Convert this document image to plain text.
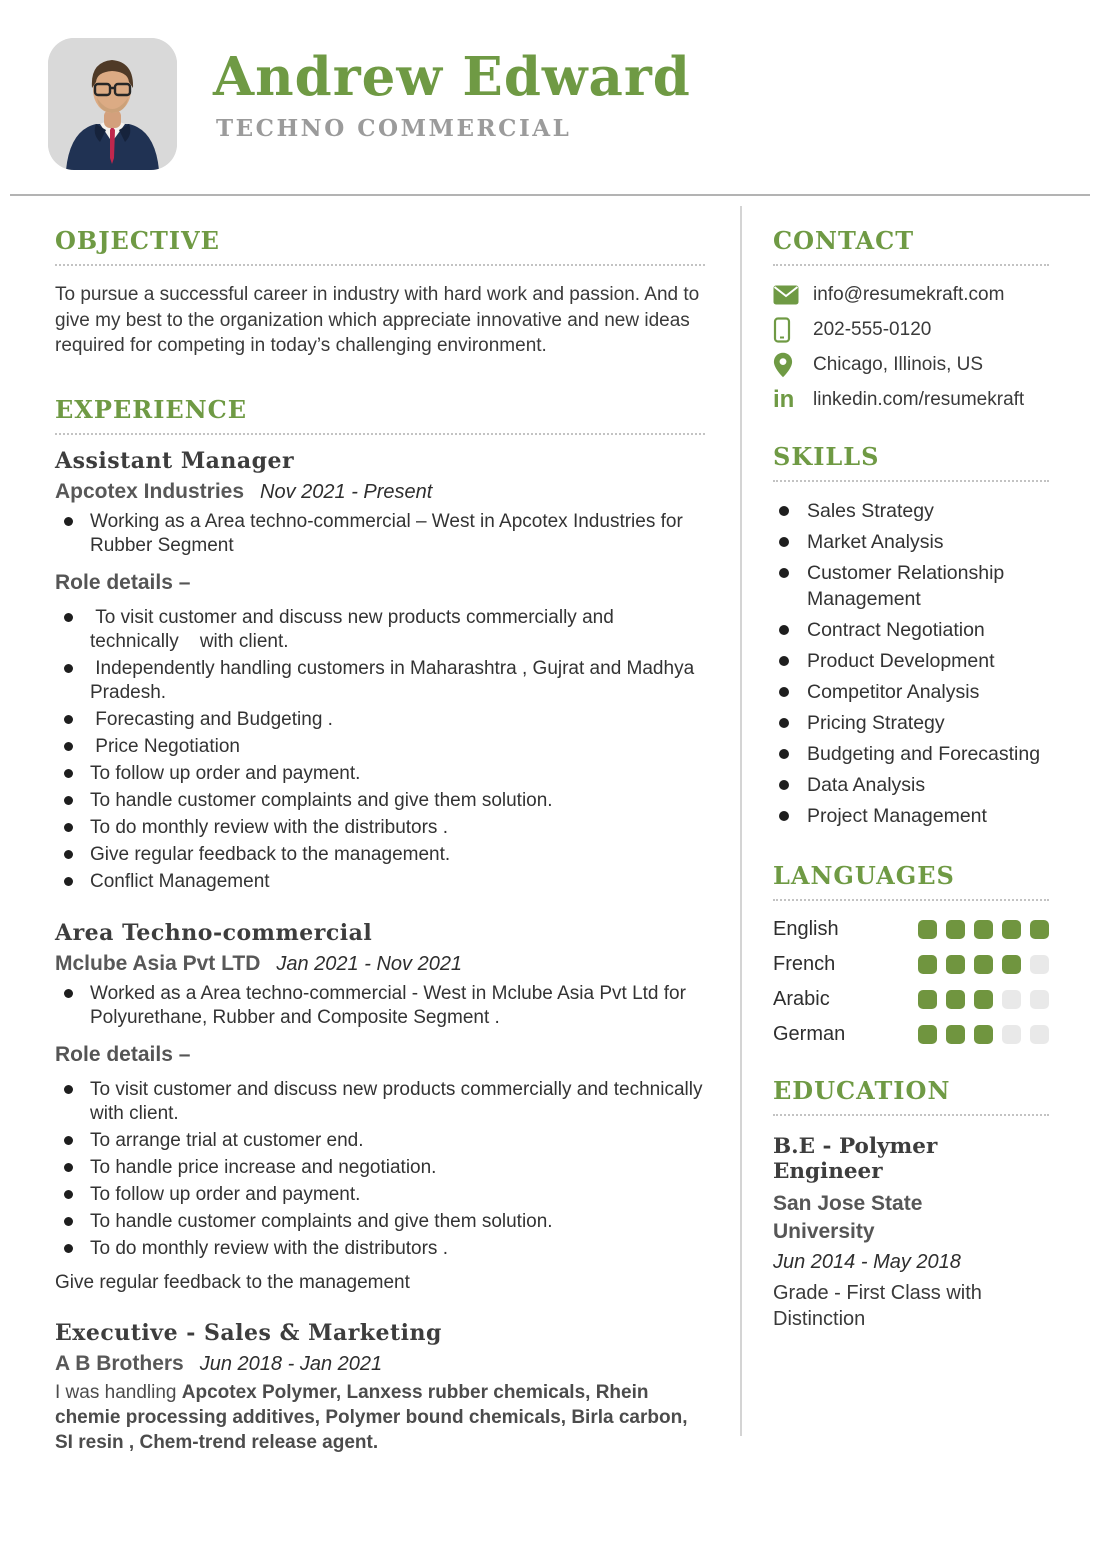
Andrew Edward
TECHNO COMMERCIAL
OBJECTIVE

To pursue a successful career in industry with hard work and passion. And to give my best to the organization which appreciate innovative and new ideas required for competing in today’s challenging environment.

EXPERIENCE
Assistant Manager
Apcotex Industries Nov 2021 - Present
Working as a Area techno-commercial – West in Apcotex Industries for Rubber Segment
Role details –
To visit customer and discuss new products commercially and technically    with client.
Independently handling customers in Maharashtra , Gujrat and Madhya Pradesh.
Forecasting and Budgeting .
Price Negotiation
To follow up order and payment.
To handle customer complaints and give them solution.
To do monthly review with the distributors .
Give regular feedback to the management.
Conflict Management
Area Techno-commercial
Mclube Asia Pvt LTD Jan 2021 - Nov 2021
Worked as a Area techno-commercial - West in Mclube Asia Pvt Ltd for Polyurethane, Rubber and Composite Segment .
Role details –
To visit customer and discuss new products commercially and technically with client.
To arrange trial at customer end.
To handle price increase and negotiation.
To follow up order and payment.
To handle customer complaints and give them solution.
To do monthly review with the distributors .

Give regular feedback to the management

Executive - Sales & Marketing
A B Brothers Jun 2018 - Jan 2021

I was handling Apcotex Polymer, Lanxess rubber chemicals, Rhein chemie processing additives, Polymer bound chemicals, Birla carbon, SI resin , Chem-trend release agent.

CONTACT
info@resumekraft.com
202-555-0120
Chicago, Illinois, US
in linkedin.com/resumekraft
SKILLS
Sales Strategy
Market Analysis
Customer Relationship Management
Contract Negotiation
Product Development
Competitor Analysis
Pricing Strategy
Budgeting and Forecasting
Data Analysis
Project Management
LANGUAGES
English
French
Arabic
German
EDUCATION
B.E - Polymer Engineer
San Jose State University
Jun 2014 - May 2018
Grade - First Class with Distinction
